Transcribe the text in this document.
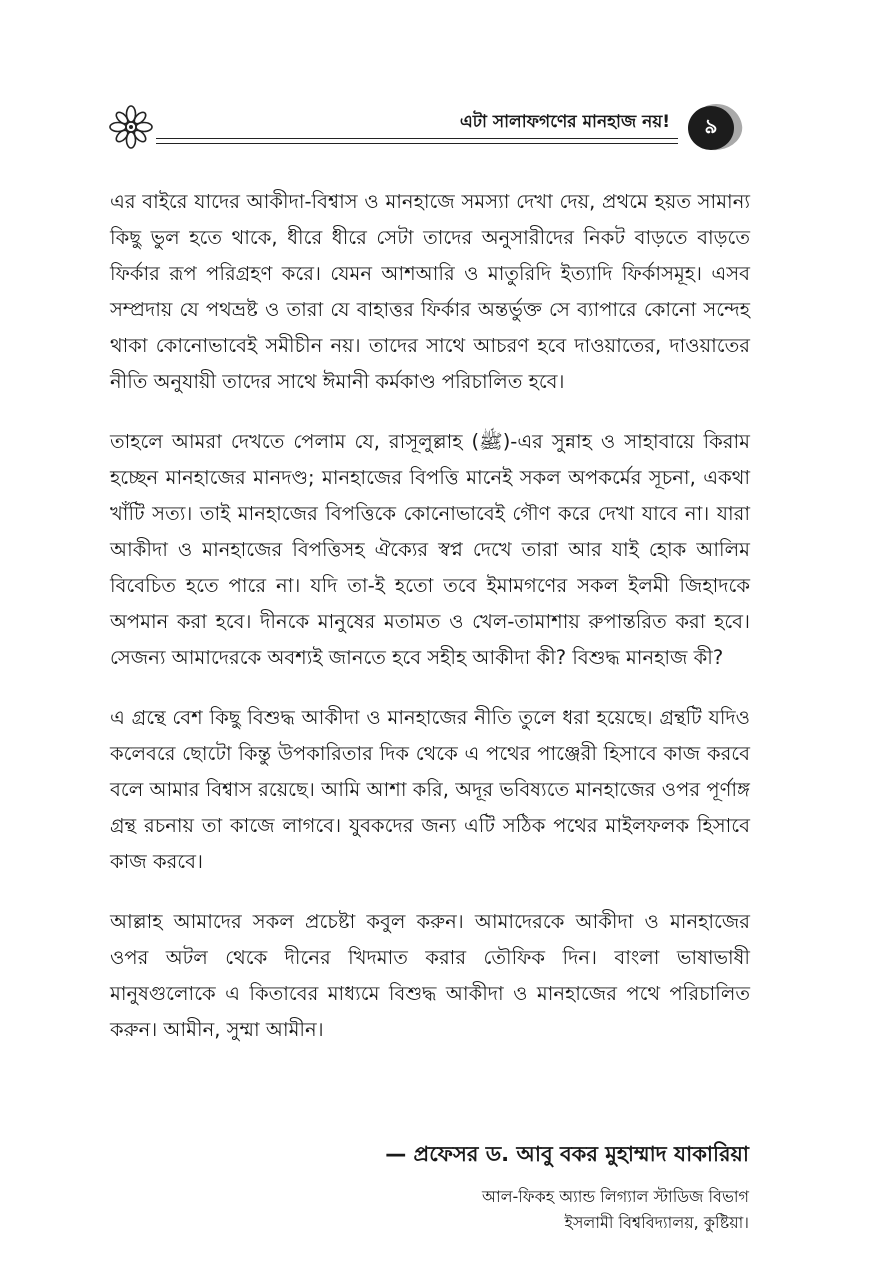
এটা সালাফগণের মানহাজ নয়!	৯

এর বাইরে যাদের আকীদা-বিশ্বাস ও মানহাজে সমস্যা দেখা দেয়, প্রথমে হয়ত সামান্য কিছু ভুল হতে থাকে, ধীরে ধীরে সেটা তাদের অনুসারীদের নিকট বাড়তে বাড়তে ফির্কার রূপ পরিগ্রহণ করে। যেমন আশআরি ও মাতুরিদি ইত্যাদি ফির্কাসমূহ। এসব সম্প্রদায় যে পথভ্রষ্ট ও তারা যে বাহাত্তর ফির্কার অন্তর্ভুক্ত সে ব্যাপারে কোনো সন্দেহ থাকা কোনোভাবেই সমীচীন নয়। তাদের সাথে আচরণ হবে দাওয়াতের, দাওয়াতের নীতি অনুযায়ী তাদের সাথে ঈমানী কর্মকাণ্ড পরিচালিত হবে।

তাহলে আমরা দেখতে পেলাম যে, রাসূলুল্লাহ (ﷺ)-এর সুন্নাহ ও সাহাবায়ে কিরাম হচ্ছেন মানহাজের মানদণ্ড; মানহাজের বিপত্তি মানেই সকল অপকর্মের সূচনা, একথা খাঁটি সত্য। তাই মানহাজের বিপত্তিকে কোনোভাবেই গৌণ করে দেখা যাবে না। যারা আকীদা ও মানহাজের বিপত্তিসহ ঐক্যের স্বপ্ন দেখে তারা আর যাই হোক আলিম বিবেচিত হতে পারে না। যদি তা-ই হতো তবে ইমামগণের সকল ইলমী জিহাদকে অপমান করা হবে। দীনকে মানুষের মতামত ও খেল-তামাশায় রুপান্তরিত করা হবে। সেজন্য আমাদেরকে অবশ্যই জানতে হবে সহীহ আকীদা কী? বিশুদ্ধ মানহাজ কী?

এ গ্রন্থে বেশ কিছু বিশুদ্ধ আকীদা ও মানহাজের নীতি তুলে ধরা হয়েছে। গ্রন্থটি যদিও কলেবরে ছোটো কিন্তু উপকারিতার দিক থেকে এ পথের পাঞ্জেরী হিসাবে কাজ করবে বলে আমার বিশ্বাস রয়েছে। আমি আশা করি, অদূর ভবিষ্যতে মানহাজের ওপর পূর্ণাঙ্গ গ্রন্থ রচনায় তা কাজে লাগবে। যুবকদের জন্য এটি সঠিক পথের মাইলফলক হিসাবে কাজ করবে।

আল্লাহ আমাদের সকল প্রচেষ্টা কবুল করুন। আমাদেরকে আকীদা ও মানহাজের ওপর অটল থেকে দীনের খিদমাত করার তৌফিক দিন। বাংলা ভাষাভাষী মানুষগুলোকে এ কিতাবের মাধ্যমে বিশুদ্ধ আকীদা ও মানহাজের পথে পরিচালিত করুন। আমীন, সুম্মা আমীন।

— প্রফেসর ড. আবু বকর মুহাম্মাদ যাকারিয়া
আল-ফিকহ অ্যান্ড লিগ্যাল স্টাডিজ বিভাগ
ইসলামী বিশ্ববিদ্যালয়, কুষ্টিয়া।
